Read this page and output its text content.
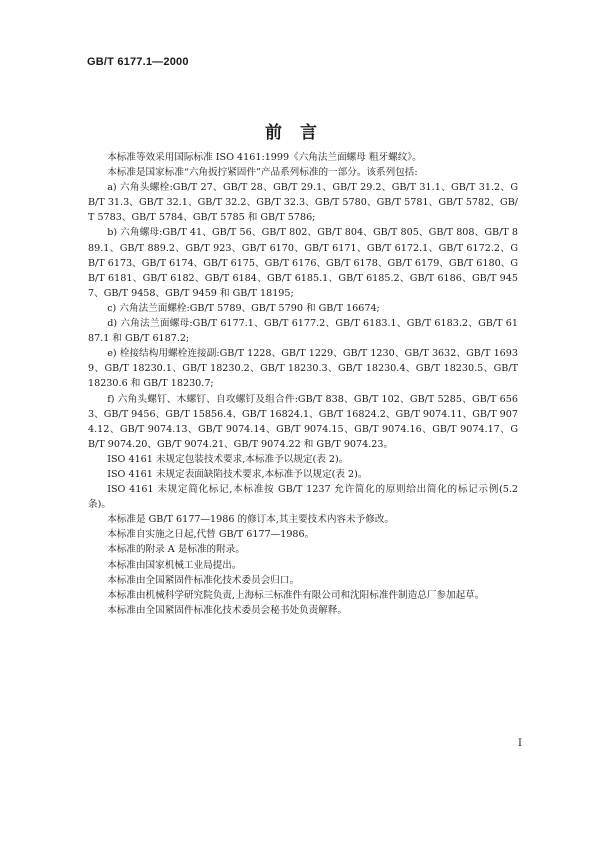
GB/T 6177.1—2000
前言

本标准等效采用国际标准 ISO 4161:1999《六角法兰面螺母 粗牙螺纹》。

本标准是国家标准“六角扳拧紧固件”产品系列标准的一部分。该系列包括:

a) 六角头螺栓:GB/T 27、GB/T 28、GB/T 29.1、GB/T 29.2、GB/T 31.1、GB/T 31.2、GB/T 31.3、GB/T 32.1、GB/T 32.2、GB/T 32.3、GB/T 5780、GB/T 5781、GB/T 5782、GB/T 5783、GB/T 5784、GB/T 5785 和 GB/T 5786;

b) 六角螺母:GB/T 41、GB/T 56、GB/T 802、GB/T 804、GB/T 805、GB/T 808、GB/T 889.1、GB/T 889.2、GB/T 923、GB/T 6170、GB/T 6171、GB/T 6172.1、GB/T 6172.2、GB/T 6173、GB/T 6174、GB/T 6175、GB/T 6176、GB/T 6178、GB/T 6179、GB/T 6180、GB/T 6181、GB/T 6182、GB/T 6184、GB/T 6185.1、GB/T 6185.2、GB/T 6186、GB/T 9457、GB/T 9458、GB/T 9459 和 GB/T 18195;

c) 六角法兰面螺栓:GB/T 5789、GB/T 5790 和 GB/T 16674;

d) 六角法兰面螺母:GB/T 6177.1、GB/T 6177.2、GB/T 6183.1、GB/T 6183.2、GB/T 6187.1 和 GB/T 6187.2;

e) 栓接结构用螺栓连接副:GB/T 1228、GB/T 1229、GB/T 1230、GB/T 3632、GB/T 16939、GB/T 18230.1、GB/T 18230.2、GB/T 18230.3、GB/T 18230.4、GB/T 18230.5、GB/T 18230.6 和 GB/T 18230.7;

f) 六角头螺钉、木螺钉、自攻螺钉及组合件:GB/T 838、GB/T 102、GB/T 5285、GB/T 6563、GB/T 9456、GB/T 15856.4、GB/T 16824.1、GB/T 16824.2、GB/T 9074.11、GB/T 9074.12、GB/T 9074.13、GB/T 9074.14、GB/T 9074.15、GB/T 9074.16、GB/T 9074.17、GB/T 9074.20、GB/T 9074.21、GB/T 9074.22 和 GB/T 9074.23。

ISO 4161 未规定包装技术要求,本标准予以规定(表 2)。

ISO 4161 未规定表面缺陷技术要求,本标准予以规定(表 2)。

ISO 4161 未规定简化标记,本标准按 GB/T 1237 允许简化的原则给出简化的标记示例(5.2 条)。

本标准是 GB/T 6177—1986 的修订本,其主要技术内容未予修改。

本标准自实施之日起,代替 GB/T 6177—1986。

本标准的附录 A 是标准的附录。

本标准由国家机械工业局提出。

本标准由全国紧固件标准化技术委员会归口。

本标准由机械科学研究院负责,上海标三标准件有限公司和沈阳标准件制造总厂参加起草。

本标准由全国紧固件标准化技术委员会秘书处负责解释。

I
